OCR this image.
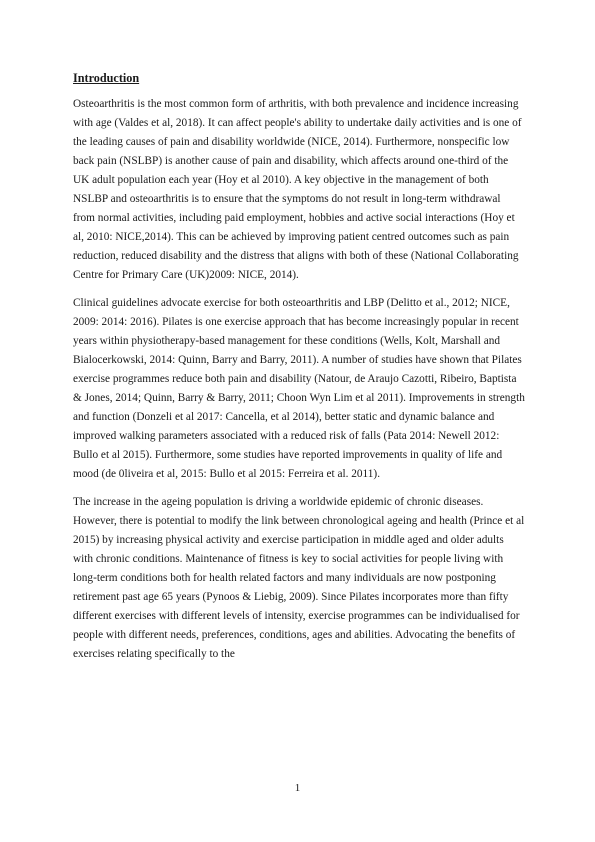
Introduction

Osteoarthritis is the most common form of arthritis, with both prevalence and incidence increasing with age (Valdes et al, 2018). It can affect people's ability to undertake daily activities and is one of the leading causes of pain and disability worldwide (NICE, 2014). Furthermore, nonspecific low back pain (NSLBP) is another cause of pain and disability, which affects around one-third of the UK adult population each year (Hoy et al 2010). A key objective in the management of both NSLBP and osteoarthritis is to ensure that the symptoms do not result in long-term withdrawal from normal activities, including paid employment, hobbies and active social interactions (Hoy et al, 2010: NICE,2014). This can be achieved by improving patient centred outcomes such as pain reduction, reduced disability and the distress that aligns with both of these (National Collaborating Centre for Primary Care (UK)2009: NICE, 2014).

Clinical guidelines advocate exercise for both osteoarthritis and LBP (Delitto et al., 2012; NICE, 2009: 2014: 2016). Pilates is one exercise approach that has become increasingly popular in recent years within physiotherapy-based management for these conditions (Wells, Kolt, Marshall and Bialocerkowski, 2014: Quinn, Barry and Barry, 2011). A number of studies have shown that Pilates exercise programmes reduce both pain and disability (Natour, de Araujo Cazotti, Ribeiro, Baptista & Jones, 2014; Quinn, Barry & Barry, 2011; Choon Wyn Lim et al 2011). Improvements in strength and function (Donzeli et al 2017: Cancella, et al 2014), better static and dynamic balance and improved walking parameters associated with a reduced risk of falls (Pata 2014: Newell 2012: Bullo et al 2015). Furthermore, some studies have reported improvements in quality of life and mood (de 0liveira et al, 2015: Bullo et al 2015: Ferreira et al. 2011).

The increase in the ageing population is driving a worldwide epidemic of chronic diseases. However, there is potential to modify the link between chronological ageing and health (Prince et al 2015) by increasing physical activity and exercise participation in middle aged and older adults with chronic conditions. Maintenance of fitness is key to social activities for people living with long-term conditions both for health related factors and many individuals are now postponing retirement past age 65 years (Pynoos & Liebig, 2009). Since Pilates incorporates more than fifty different exercises with different levels of intensity, exercise programmes can be individualised for people with different needs, preferences, conditions, ages and abilities. Advocating the benefits of exercises relating specifically to the

1
